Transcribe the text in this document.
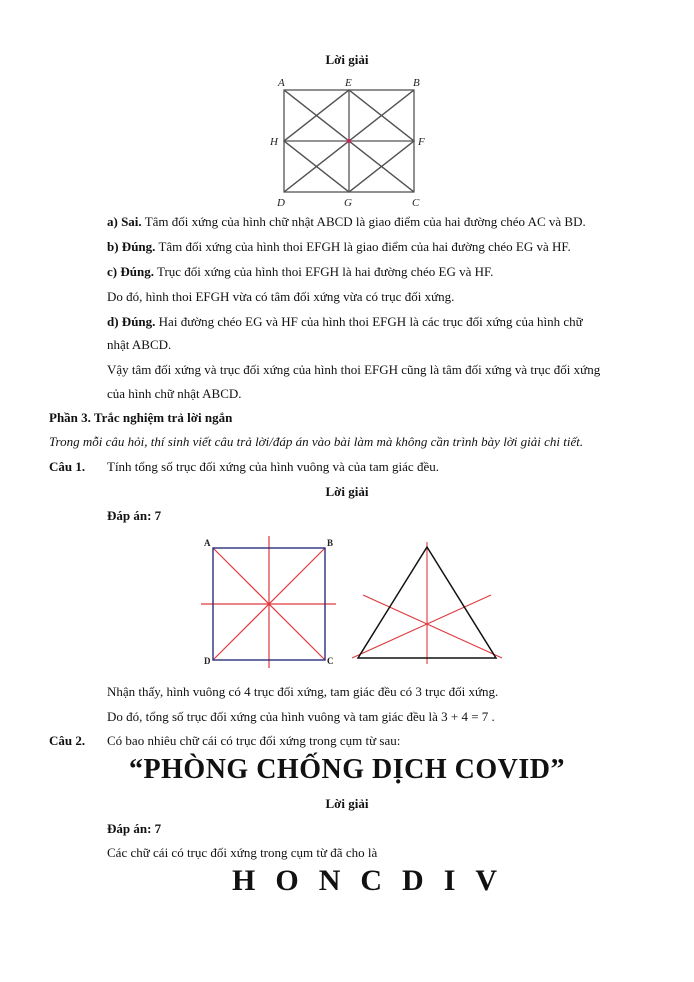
Lời giải
A	E	B
H	F
D	G	C
a) Sai. Tâm đối xứng của hình chữ nhật ABCD là giao điểm của hai đường chéo AC và BD.
b) Đúng. Tâm đối xứng của hình thoi EFGH là giao điểm của hai đường chéo EG và HF.
c) Đúng. Trục đối xứng của hình thoi EFGH là hai đường chéo EG và HF.
Do đó, hình thoi EFGH vừa có tâm đối xứng vừa có trục đối xứng.
d) Đúng. Hai đường chéo EG và HF của hình thoi EFGH là các trục đối xứng của hình chữ
nhật ABCD.
Vậy tâm đối xứng và trục đối xứng của hình thoi EFGH cũng là tâm đối xứng và trục đối xứng
của hình chữ nhật ABCD.
Phần 3. Trắc nghiệm trả lời ngắn
Trong mỗi câu hỏi, thí sinh viết câu trả lời/đáp án vào bài làm mà không cần trình bày lời giải chi tiết.
Câu 1. Tính tổng số trục đối xứng của hình vuông và của tam giác đều.
Lời giải
Đáp án: 7
A	B
C
D
Nhận thấy, hình vuông có 4 trục đối xứng, tam giác đều có 3 trục đối xứng.
Do đó, tổng số trục đối xứng của hình vuông và tam giác đều là 3 + 4 = 7 .
Câu 2. Có bao nhiêu chữ cái có trục đối xứng trong cụm từ sau:
“PHÒNG CHỐNG DỊCH COVID”
Lời giải
Đáp án: 7
Các chữ cái có trục đối xứng trong cụm từ đã cho là
H O N C D I V
